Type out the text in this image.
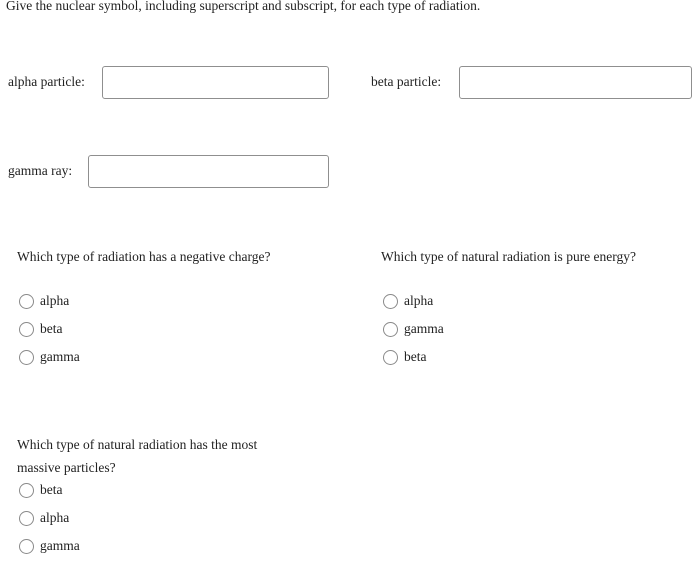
Give the nuclear symbol, including superscript and subscript, for each type of radiation.
alpha particle:	beta particle:
gamma ray:
Which type of radiation has a negative charge?
alpha
beta
gamma
Which type of natural radiation is pure energy?
alpha
gamma
beta
Which type of natural radiation has the most massive particles?
beta
alpha
gamma
